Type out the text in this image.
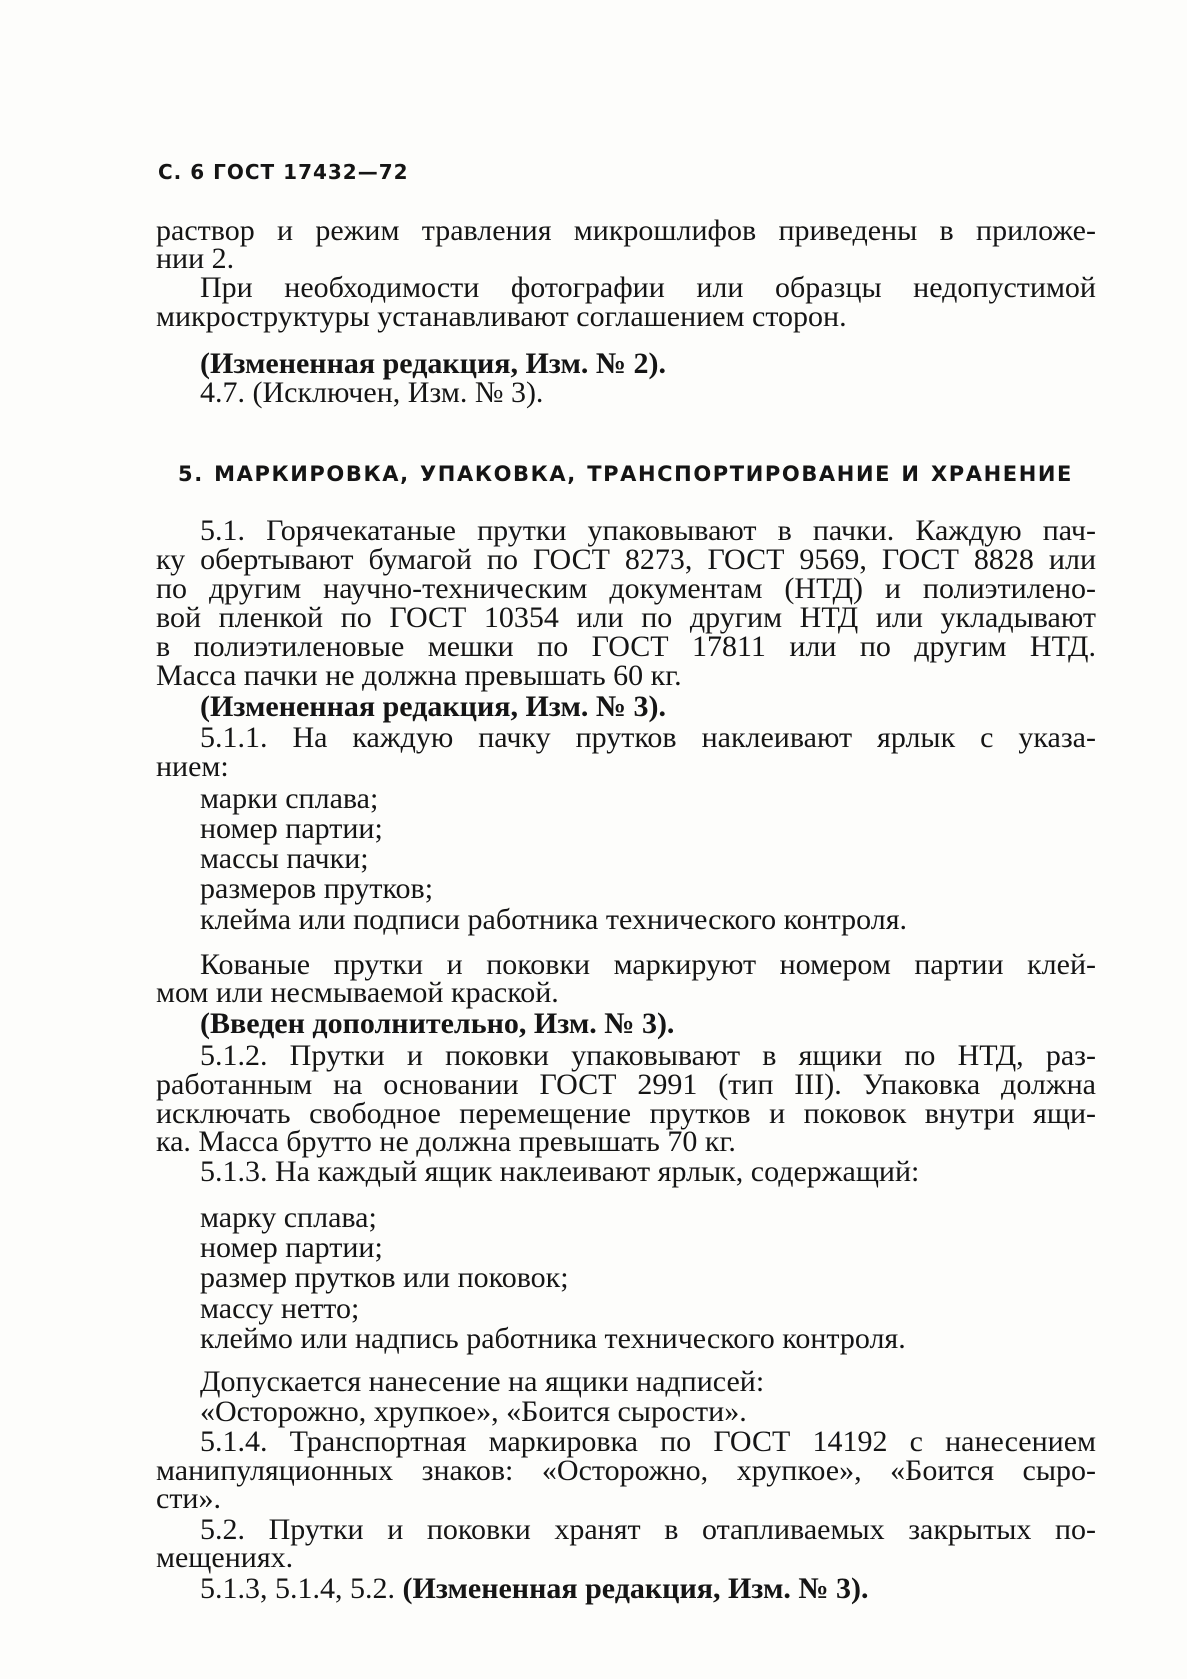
С. 6 ГОСТ 17432—72
раствор и режим травления микрошлифов приведены в приложе-
нии 2.
При необходимости фотографии или образцы недопустимой
микроструктуры устанавливают соглашением сторон.
(Измененная редакция, Изм. № 2).
4.7. (Исключен, Изм. № 3).
5. МАРКИРОВКА, УПАКОВКА, ТРАНСПОРТИРОВАНИЕ И ХРАНЕНИЕ
5.1. Горячекатаные прутки упаковывают в пачки. Каждую пач-
ку обертывают бумагой по ГОСТ 8273, ГОСТ 9569, ГОСТ 8828 или
по другим научно-техническим документам (НТД) и полиэтилено-
вой пленкой по ГОСТ 10354 или по другим НТД или укладывают
в полиэтиленовые мешки по ГОСТ 17811 или по другим НТД.
Масса пачки не должна превышать 60 кг.
(Измененная редакция, Изм. № 3).
5.1.1. На каждую пачку прутков наклеивают ярлык с указа-
нием:
марки сплава;
номер партии;
массы пачки;
размеров прутков;
клейма или подписи работника технического контроля.
Кованые прутки и поковки маркируют номером партии клей-
мом или несмываемой краской.
(Введен дополнительно, Изм. № 3).
5.1.2. Прутки и поковки упаковывают в ящики по НТД, раз-
работанным на основании ГОСТ 2991 (тип III). Упаковка должна
исключать свободное перемещение прутков и поковок внутри ящи-
ка. Масса брутто не должна превышать 70 кг.
5.1.3. На каждый ящик наклеивают ярлык, содержащий:
марку сплава;
номер партии;
размер прутков или поковок;
массу нетто;
клеймо или надпись работника технического контроля.
Допускается нанесение на ящики надписей:
«Осторожно, хрупкое», «Боится сырости».
5.1.4. Транспортная маркировка по ГОСТ 14192 с нанесением
манипуляционных знаков: «Осторожно, хрупкое», «Боится сыро-
сти».
5.2. Прутки и поковки хранят в отапливаемых закрытых по-
мещениях.
5.1.3, 5.1.4, 5.2. (Измененная редакция, Изм. № 3).
